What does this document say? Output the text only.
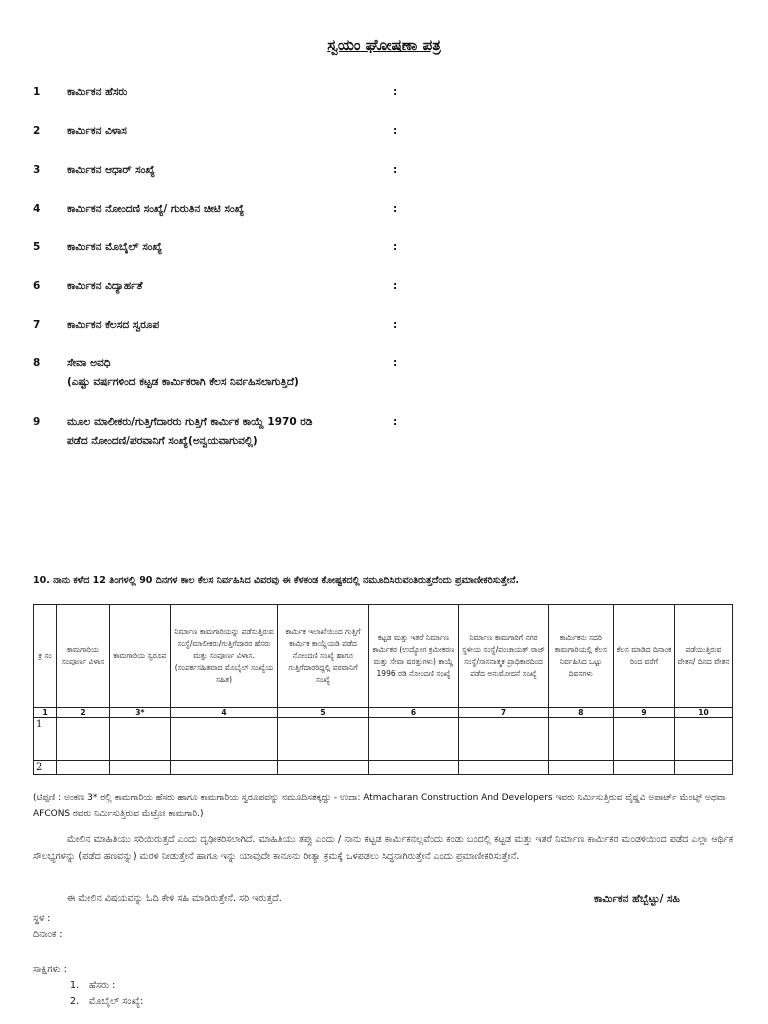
ಸ್ವಯಂ ಘೋಷಣಾ ಪತ್ರ
1	ಕಾರ್ಮಿಕನ ಹೆಸರು	:
2	ಕಾರ್ಮಿಕನ ವಿಳಾಸ	:
3	ಕಾರ್ಮಿಕನ ಆಧಾರ್ ಸಂಖ್ಯೆ	:
4	ಕಾರ್ಮಿಕನ ನೋಂದಣಿ ಸಂಖ್ಯೆ/ ಗುರುತಿನ ಚೀಟಿ ಸಂಖ್ಯೆ	:
5	ಕಾರ್ಮಿಕನ ಮೊಬೈಲ್ ಸಂಖ್ಯೆ	:
6	ಕಾರ್ಮಿಕನ ವಿದ್ಯಾರ್ಹತೆ	:
7	ಕಾರ್ಮಿಕನ ಕೆಲಸದ ಸ್ವರೂಪ	:
8	ಸೇವಾ ಅವಧಿ
(ಎಷ್ಟು ವರ್ಷಗಳಿಂದ ಕಟ್ಟಡ ಕಾರ್ಮಿಕರಾಗಿ ಕೆಲಸ ನಿರ್ವಹಿಸಲಾಗುತ್ತಿದೆ)
:
9	ಮೂಲ ಮಾಲೀಕರು/ಗುತ್ತಿಗೆದಾರರು ಗುತ್ತಿಗೆ ಕಾರ್ಮಿಕ ಕಾಯ್ದೆ 1970 ರಡಿ
ಪಡೆದ ನೋಂದಣಿ/ಪರವಾನಿಗೆ ಸಂಖ್ಯೆ(ಅನ್ವಯವಾಗುವಲ್ಲಿ)
:
10. ನಾನು ಕಳೆದ 12 ತಿಂಗಳಲ್ಲಿ 90 ದಿನಗಳ ಕಾಲ ಕೆಲಸ ನಿರ್ವಹಿಸಿದ ವಿವರವು ಈ ಕೆಳಕಂಡ ಕೋಷ್ಟಕದಲ್ಲಿ ನಮೂದಿಸಿರುವಂತಿರುತ್ತದೆಂದು ಪ್ರಮಾಣೀಕರಿಸುತ್ತೇನೆ.
ಕ್ರ ಸಂ	ಕಾಮಗಾರಿಯ ಸಂಪೂರ್ಣ ವಿಳಾಸ	ಕಾಮಗಾರಿಯ ಸ್ವರೂಪ	ನಿರ್ಮಾಣ ಕಾಮಗಾರಿಯನ್ನು ಪಡೆಸುತ್ತಿರುವ ಸಂಸ್ಥೆ/ಮಾಲೀಕರು/ಗುತ್ತಿಗೆದಾರರ ಹೆಸರು ಮತ್ತು ಸಂಪೂರ್ಣ ವಿಳಾಸ. (ಸಂಪರ್ಕಸಹಿತವಾದ ಮೊಬೈಲ್ ಸಂಖ್ಯೆಯ ಸಹಿತ)	ಕಾರ್ಮಿಕ ಇಲಾಖೆಯಿಂದ ಗುತ್ತಿಗೆ ಕಾರ್ಮಿಕ ಕಾಯ್ದೆಯಡಿ ಪಡೆದ ನೋಂದಣಿ ಸಂಖ್ಯೆ ಹಾಗೂ ಗುತ್ತಿಗೆದಾರರಿದ್ದಲ್ಲಿ ಪರವಾನಿಗೆ ಸಂಖ್ಯೆ	ಕಟ್ಟಡ ಮತ್ತು ಇತರೆ ನಿರ್ಮಾಣ ಕಾರ್ಮಿಕರ (ಉದ್ಯೋಗ ಕ್ರಮೀಕರಣ ಮತ್ತು ಸೇವಾ ಷರತ್ತುಗಳು) ಕಾಯ್ದೆ 1996 ರಡಿ ನೋಂದಣಿ ಸಂಖ್ಯೆ	ನಿರ್ಮಾಣ ಕಾಮಗಾರಿಗೆ ನಗರ ಸ್ಥಳೀಯ ಸಂಸ್ಥೆ/ಪಂಚಾಯತ್ ರಾಜ್ ಸಂಸ್ಥೆ/ಸಾಸನಾತ್ಮಕ ಪ್ರಾಧಿಕಾರದಿಂದ ಪಡೆದ ಅನುಮೋದನೆ ಸಂಖ್ಯೆ	ಕಾರ್ಮಿಕನು ಸದರಿ ಕಾಮಗಾರಿಯಲ್ಲಿ ಕೆಲಸ ನಿರ್ವಹಿಸಿದ ಒಟ್ಟು ದಿವಸಗಳು	ಕೆಲಸ ಮಾಡಿದ ದಿನಾಂಕ ರಿಂದ ವರೆಗೆ	ಪಡೆಯುತ್ತಿರುವ ವೇತನ/ ದಿನದ ವೇತನ
1	2	3*	4	5	6	7	8	9	10
1									
2									
(ಟಿಪ್ಪಣಿ : ಅಂಕಣ 3* ರಲ್ಲಿ ಕಾಮಗಾರಿಯ ಹೆಸರು ಹಾಗೂ ಕಾಮಗಾರಿಯ ಸ್ವರೂಪವನ್ನು ನಮೂದಿಸತಕ್ಕದ್ದು - ಉದಾ: Atmacharan Construction And Developers ಇವರು ನಿರ್ಮಿಸುತ್ತಿರುವ ವೈಷ್ಣವಿ ಅಪಾರ್ಟ್ ಮೆಂಟ್ಸ್ ಅಥವಾ AFCONS ರವರು ನಿರ್ಮಿಸುತ್ತಿರುವ ಮೆಟ್ರೋ ಕಾಮಗಾರಿ.)
ಮೇಲಿನ ಮಾಹಿತಿಯು ಸರಿಯಿರುತ್ತದೆ ಎಂದು ದೃಢೀಕರಿಸಲಾಗಿದೆ. ಮಾಹಿತಿಯು ತಪ್ಪು ಎಂದು / ನಾನು ಕಟ್ಟಡ ಕಾರ್ಮಿಕನಲ್ಲವೆಂದು ಕಂಡು ಬಂದಲ್ಲಿ ಕಟ್ಟಡ ಮತ್ತು ಇತರೆ ನಿರ್ಮಾಣ ಕಾರ್ಮಿಕರ ಮಂಡಳಿಯಿಂದ ಪಡೆದ ಎಲ್ಲಾ ಆರ್ಥಿಕ ಸೌಲಭ್ಯಗಳನ್ನು (ಪಡೆದ ಹಣವನ್ನು) ಮರಳಿ ನೀಡುತ್ತೇನೆ ಹಾಗೂ ಇನ್ನು ಯಾವುದೇ ಕಾನೂನು ರೀತ್ಯಾ ಕ್ರಮಕ್ಕೆ ಒಳಪಡಲು ಸಿದ್ಧನಾಗಿರುತ್ತೇನೆ ಎಂದು ಪ್ರಮಾಣೀಕರಿಸುತ್ತೇನೆ.
ಈ ಮೇಲಿನ ವಿಷಯವನ್ನು ಓದಿ ಕೇಳಿ ಸಹಿ ಮಾಡಿರುತ್ತೇನೆ. ಸರಿ ಇರುತ್ತದೆ.	ಕಾರ್ಮಿಕನ ಹೆಬ್ಬೆಟ್ಟು/ ಸಹಿ
ಸ್ಥಳ :
ದಿನಾಂಕ :
ಸಾಕ್ಷಿಗಳು :
1. ಹೆಸರು :
2. ಮೊಬೈಲ್ ಸಂಖ್ಯೆ:
